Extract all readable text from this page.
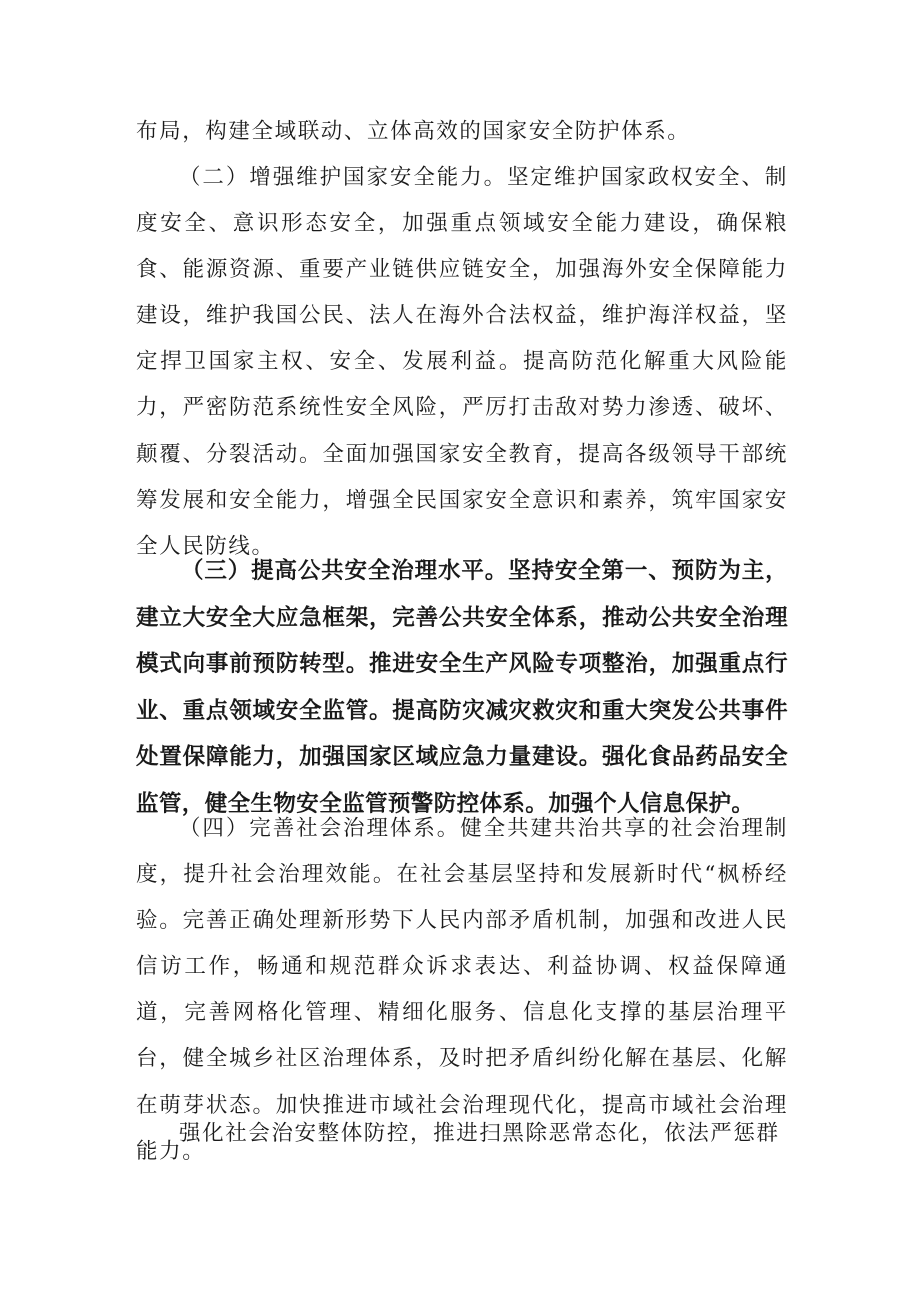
布局，构建全域联动、立体高效的国家安全防护体系。

（二）增强维护国家安全能力。坚定维护国家政权安全、制度安全、意识形态安全，加强重点领域安全能力建设，确保粮食、能源资源、重要产业链供应链安全，加强海外安全保障能力建设，维护我国公民、法人在海外合法权益，维护海洋权益，坚定捍卫国家主权、安全、发展利益。提高防范化解重大风险能力，严密防范系统性安全风险，严厉打击敌对势力渗透、破坏、颠覆、分裂活动。全面加强国家安全教育，提高各级领导干部统筹发展和安全能力，增强全民国家安全意识和素养，筑牢国家安全人民防线。

（三）提高公共安全治理水平。坚持安全第一、预防为主，建立大安全大应急框架，完善公共安全体系，推动公共安全治理模式向事前预防转型。推进安全生产风险专项整治，加强重点行业、重点领域安全监管。提高防灾减灾救灾和重大突发公共事件处置保障能力，加强国家区域应急力量建设。强化食品药品安全监管，健全生物安全监管预警防控体系。加强个人信息保护。

（四）完善社会治理体系。健全共建共治共享的社会治理制度，提升社会治理效能。在社会基层坚持和发展新时代“枫桥经验。完善正确处理新形势下人民内部矛盾机制，加强和改进人民信访工作，畅通和规范群众诉求表达、利益协调、权益保障通道，完善网格化管理、精细化服务、信息化支撑的基层治理平台，健全城乡社区治理体系，及时把矛盾纠纷化解在基层、化解在萌芽状态。加快推进市域社会治理现代化，提高市域社会治理能力。

强化社会治安整体防控，推进扫黑除恶常态化，依法严惩群
